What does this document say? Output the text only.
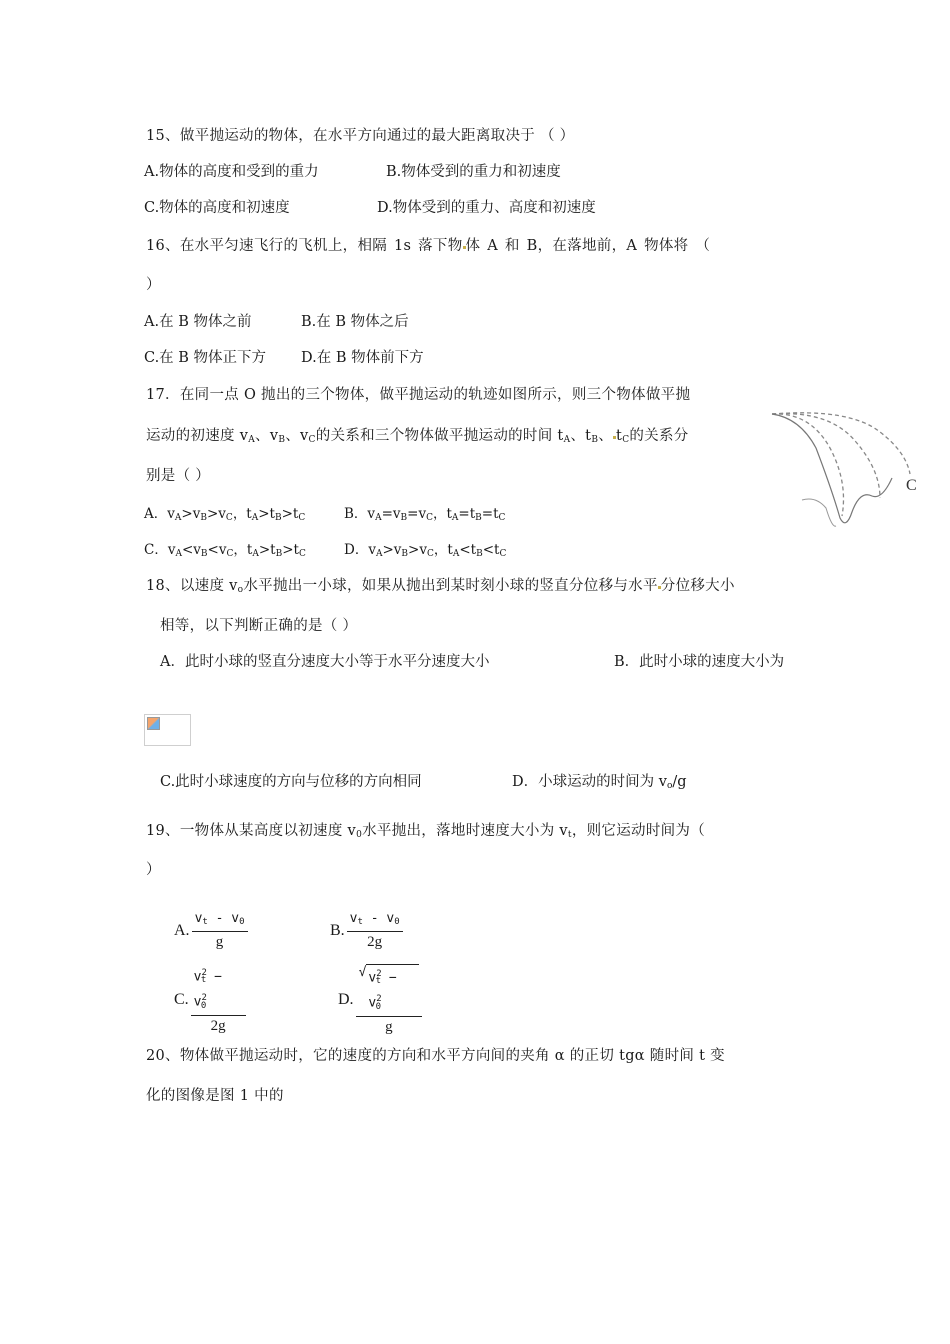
15、做平抛运动的物体，在水平方向通过的最大距离取决于 （ ）
A.物体的高度和受到的重力	B.物体受到的重力和初速度
C.物体的高度和初速度	D.物体受到的重力、高度和初速度
16、在水平匀速飞行的飞机上，相隔 1s 落下物 体 A 和 B，在落地前，A 物体将 （
）
A.在 B 物体之前	B.在 B 物体之后
C.在 B 物体正下方 D.在 B 物体前下方
17．在同一点 O 抛出的三个物体，做平抛运动的轨迹如图所示，则三个物体做平抛
运动的初速度 $v_A$、$v_B$、$v_C$的关系和三个物体做平抛运动的时间 $t_A$、$t_B$、 $t_C$的关系分
别是（ ）
A．$v_A>v_B>v_C$，$t_A>t_B>t_C$	B．$v_A=v_B=v_C$，$t_A=t_B=t_C$
C．$v_A<v_B<v_C$，$t_A>t_B>t_C$	D．$v_A>v_B>v_C$，$t_A<t_B<t_C$
C
18、以速度 $v_o$水平抛出一小球，如果从抛出到某时刻小球的竖直分位移与水平 分位移大小
相等，以下判断正确的是（ ）
A．此时小球的竖直分速度大小等于水平分速度大小	B．此时小球的速度大小为
C.此时小球速度的方向与位移的方向相同	D．小球运动的时间为 $v_o/g$
19、一物体从某高度以初速度 $v_0$水平抛出，落地时速度大小为 $v_t$，则它运动时间为（
）
A. $\frac{v_t - v_0}{g}$	B. $\frac{v_t - v_0}{2g}$
C. $\frac{v^2_t - v^2_0}{2g}$	D. $\frac{√ v^2_t - v^2_0}{g}$
20、物体做平抛运动时，它的速度的方向和水平方向间的夹角 α 的正切 tgα 随时间 t 变
化的图像是图 1 中的
